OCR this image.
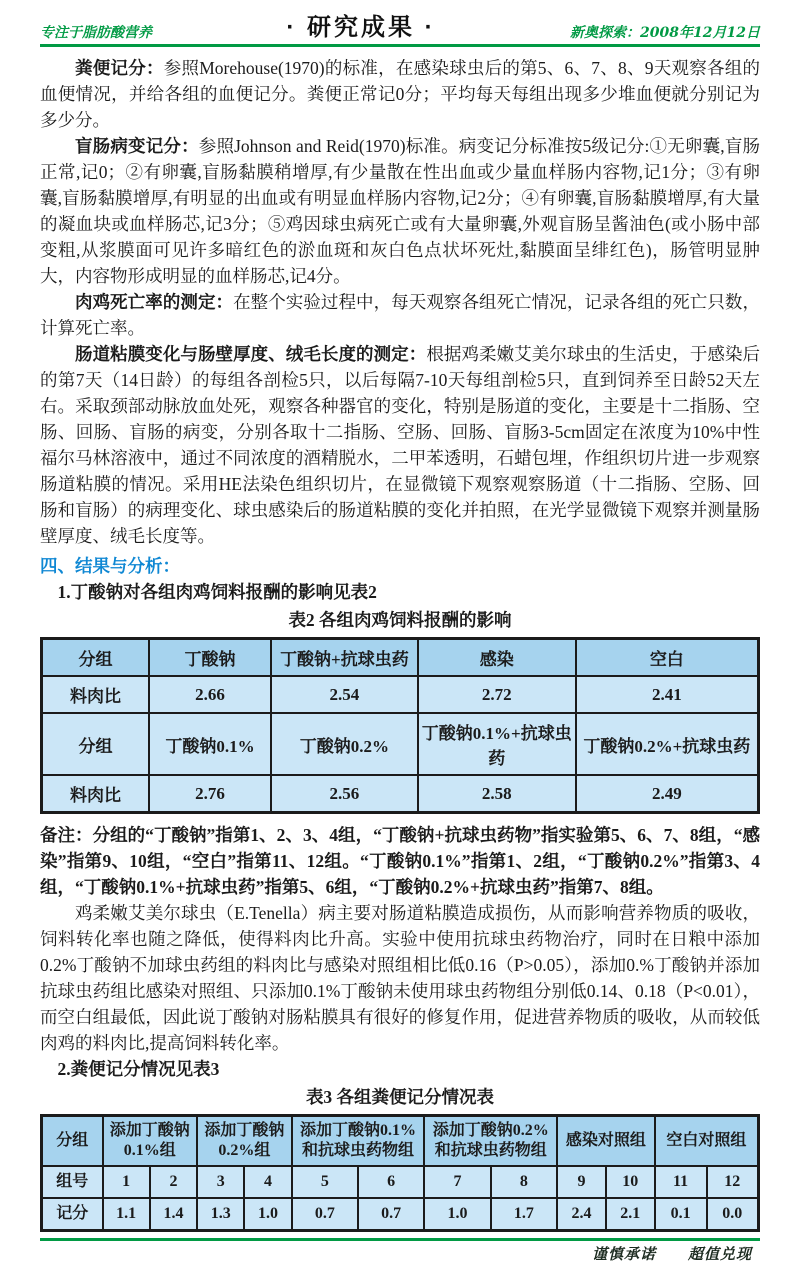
专注于脂肪酸营养	· 研究成果 ·	新奥探索：2008年12月12日

粪便记分：参照Morehouse(1970)的标准，在感染球虫后的第5、6、7、8、9天观察各组的血便情况，并给各组的血便记分。粪便正常记0分；平均每天每组出现多少堆血便就分别记为多少分。

盲肠病变记分：参照Johnson and Reid(1970)标准。病变记分标准按5级记分:①无卵囊,盲肠正常,记0；②有卵囊,盲肠黏膜稍增厚,有少量散在性出血或少量血样肠内容物,记1分；③有卵囊,盲肠黏膜增厚,有明显的出血或有明显血样肠内容物,记2分；④有卵囊,盲肠黏膜增厚,有大量的凝血块或血样肠芯,记3分；⑤鸡因球虫病死亡或有大量卵囊,外观盲肠呈酱油色(或小肠中部变粗,从浆膜面可见许多暗红色的淤血斑和灰白色点状坏死灶,黏膜面呈绯红色)，肠管明显肿大，内容物形成明显的血样肠芯,记4分。

肉鸡死亡率的测定：在整个实验过程中，每天观察各组死亡情况，记录各组的死亡只数，计算死亡率。

肠道粘膜变化与肠壁厚度、绒毛长度的测定：根据鸡柔嫩艾美尔球虫的生活史，于感染后的第7天（14日龄）的每组各剖检5只，以后每隔7-10天每组剖检5只，直到饲养至日龄52天左右。采取颈部动脉放血处死，观察各种器官的变化，特别是肠道的变化，主要是十二指肠、空肠、回肠、盲肠的病变，分别各取十二指肠、空肠、回肠、盲肠3-5cm固定在浓度为10%中性福尔马林溶液中，通过不同浓度的酒精脱水，二甲苯透明，石蜡包埋，作组织切片进一步观察肠道粘膜的情况。采用HE法染色组织切片，在显微镜下观察观察肠道（十二指肠、空肠、回肠和盲肠）的病理变化、球虫感染后的肠道粘膜的变化并拍照，在光学显微镜下观察并测量肠壁厚度、绒毛长度等。

四、结果与分析：

1.丁酸钠对各组肉鸡饲料报酬的影响见表2

表2 各组肉鸡饲料报酬的影响
分组	丁酸钠	丁酸钠+抗球虫药	感染	空白
料肉比	2.66	2.54	2.72	2.41
分组	丁酸钠0.1%	丁酸钠0.2%	丁酸钠0.1%+抗球虫药	丁酸钠0.2%+抗球虫药
料肉比	2.76	2.56	2.58	2.49

备注：分组的“丁酸钠”指第1、2、3、4组，“丁酸钠+抗球虫药物”指实验第5、6、7、8组，“感染”指第9、10组，“空白”指第11、12组。“丁酸钠0.1%”指第1、2组，“丁酸钠0.2%”指第3、4组，“丁酸钠0.1%+抗球虫药”指第5、6组，“丁酸钠0.2%+抗球虫药”指第7、8组。

鸡柔嫩艾美尔球虫（E.Tenella）病主要对肠道粘膜造成损伤，从而影响营养物质的吸收，饲料转化率也随之降低，使得料肉比升高。实验中使用抗球虫药物治疗，同时在日粮中添加0.2%丁酸钠不加球虫药组的料肉比与感染对照组相比低0.16（P>0.05），添加0.%丁酸钠并添加抗球虫药组比感染对照组、只添加0.1%丁酸钠未使用球虫药物组分别低0.14、0.18（P<0.01），而空白组最低，因此说丁酸钠对肠粘膜具有很好的修复作用，促进营养物质的吸收，从而较低肉鸡的料肉比,提高饲料转化率。

2.粪便记分情况见表3

表3 各组粪便记分情况表
分组	添加丁酸钠0.1%组		添加丁酸钠0.2%组		添加丁酸钠0.1%和抗球虫药物组		添加丁酸钠0.2%和抗球虫药物组		感染对照组		空白对照组	
组号	1	2	3	4	5	6	7	8	9	10	11	12
记分	1.1	1.4	1.3	1.0	0.7	0.7	1.0	1.7	2.4	2.1	0.1	0.0
谨慎承诺　　超值兑现
